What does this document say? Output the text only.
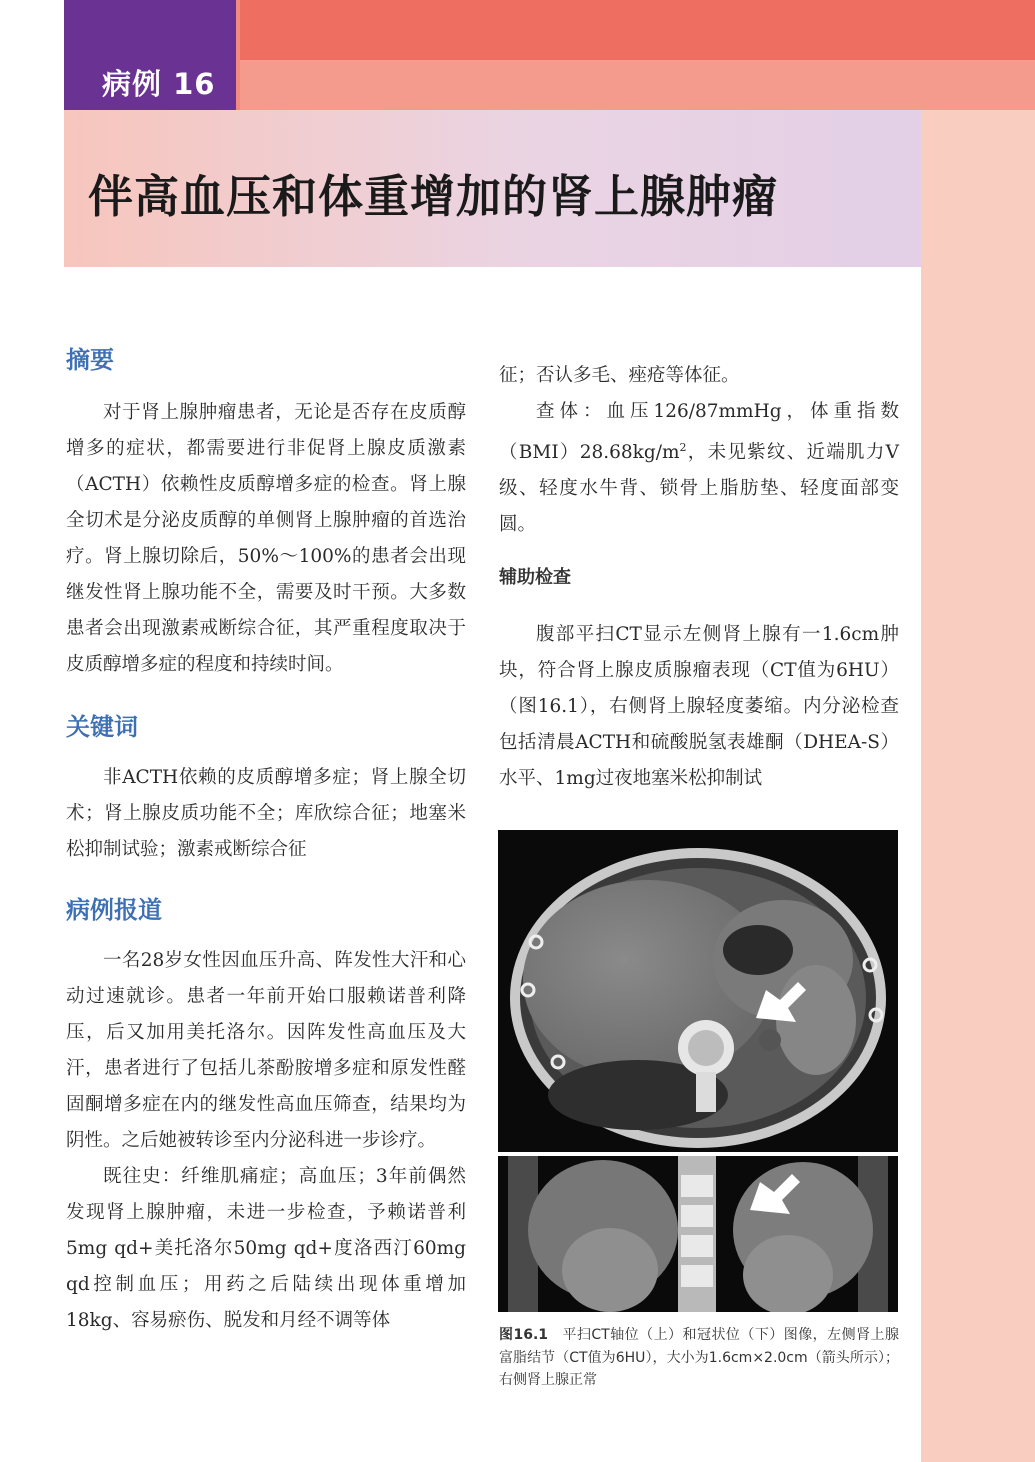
病例 16
伴高血压和体重增加的肾上腺肿瘤
摘要

对于肾上腺肿瘤患者，无论是否存在皮质醇增多的症状，都需要进行非促肾上腺皮质激素（ACTH）依赖性皮质醇增多症的检查。肾上腺全切术是分泌皮质醇的单侧肾上腺肿瘤的首选治疗。肾上腺切除后，50%～100%的患者会出现继发性肾上腺功能不全，需要及时干预。大多数患者会出现激素戒断综合征，其严重程度取决于皮质醇增多症的程度和持续时间。

关键词

非ACTH依赖的皮质醇增多症；肾上腺全切术；肾上腺皮质功能不全；库欣综合征；地塞米松抑制试验；激素戒断综合征

病例报道

一名28岁女性因血压升高、阵发性大汗和心动过速就诊。患者一年前开始口服赖诺普利降压，后又加用美托洛尔。因阵发性高血压及大汗，患者进行了包括儿茶酚胺增多症和原发性醛固酮增多症在内的继发性高血压筛查，结果均为阴性。之后她被转诊至内分泌科进一步诊疗。

既往史：纤维肌痛症；高血压；3年前偶然发现肾上腺肿瘤，未进一步检查，予赖诺普利5mg qd+美托洛尔50mg qd+度洛西汀60mg qd控制血压；用药之后陆续出现体重增加18kg、容易瘀伤、脱发和月经不调等体

征；否认多毛、痤疮等体征。

查体：血压126/87mmHg，体重指数$(BMI)28.68kg/m^2$，未见紫纹、近端肌力Ⅴ级、轻度水牛背、锁骨上脂肪垫、轻度面部变圆。

辅助检查

腹部平扫CT显示左侧肾上腺有一1.6cm肿块，符合肾上腺皮质腺瘤表现（CT值为6HU）（图16.1），右侧肾上腺轻度萎缩。内分泌检查包括清晨ACTH和硫酸脱氢表雄酮（DHEA-S）水平、1mg过夜地塞米松抑制试

图16.1 平扫CT轴位（上）和冠状位（下）图像，左侧肾上腺富脂结节（CT值为6HU），大小为1.6cm×2.0cm（箭头所示）；右侧肾上腺正常
